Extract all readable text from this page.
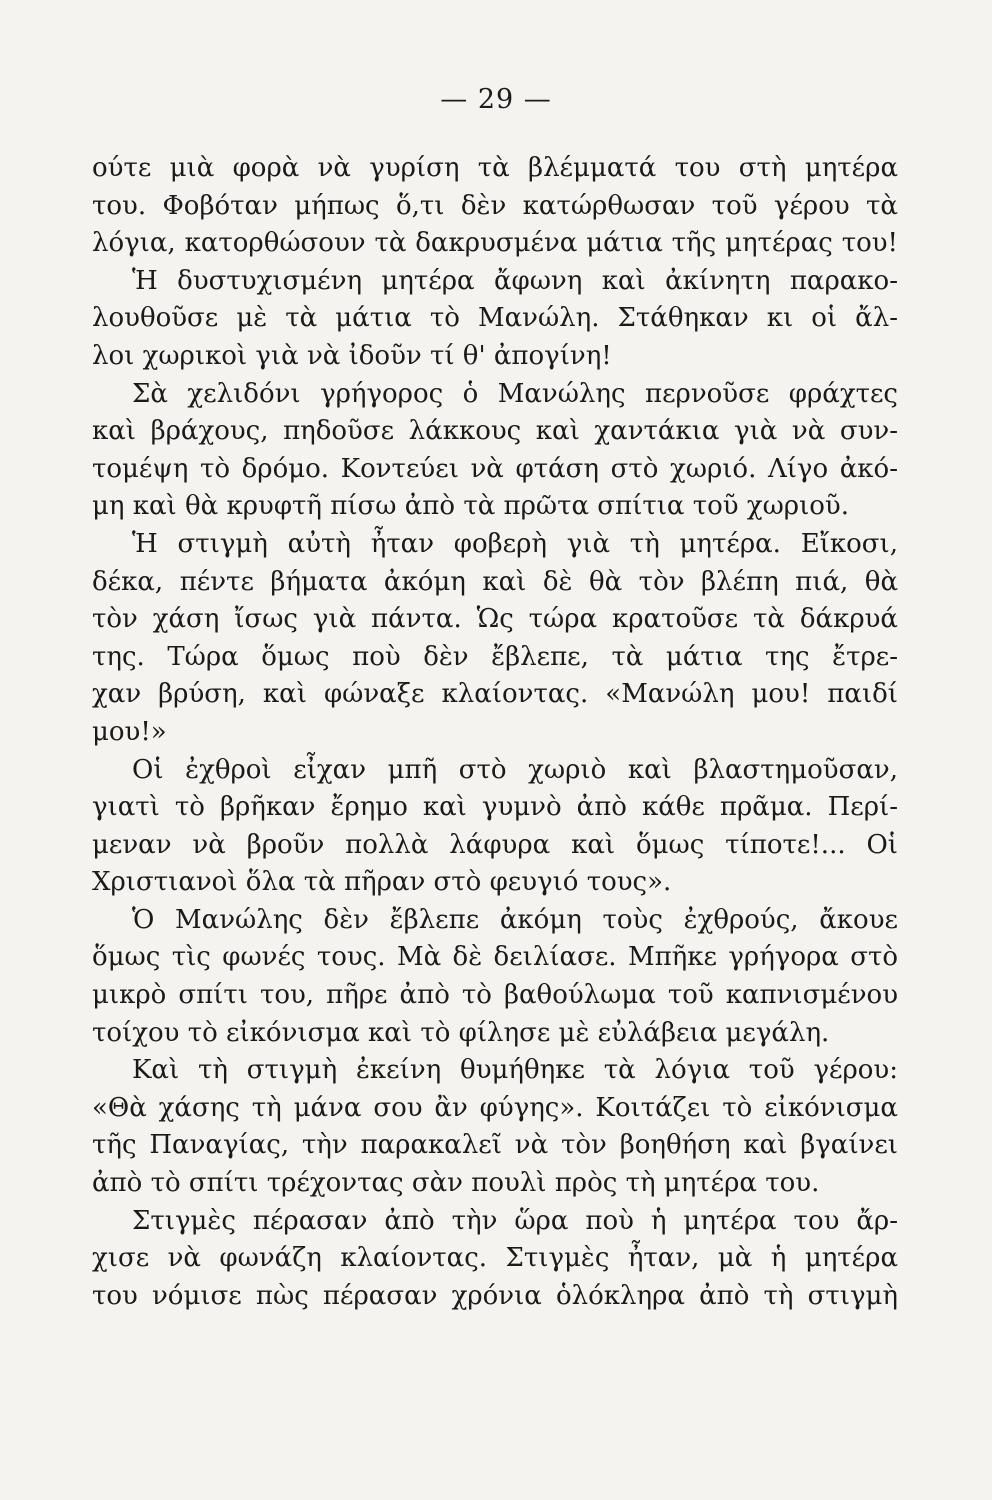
— 29 —
ούτε μιὰ φορὰ νὰ γυρίση τὰ βλέμματά του στὴ μητέρα
του. Φοβόταν μήπως ὅ,τι δὲν κατώρθωσαν τοῦ γέρου τὰ
λόγια, κατορθώσουν τὰ δακρυσμένα μάτια τῆς μητέρας του!
Ἡ δυστυχισμένη μητέρα ἄφωνη καὶ ἀκίνητη παρακο-
λουθοῦσε μὲ τὰ μάτια τὸ Μανώλη. Στάθηκαν κι οἱ ἄλ-
λοι χωρικοὶ γιὰ νὰ ἰδοῦν τί θ' ἀπογίνη!
Σὰ χελιδόνι γρήγορος ὁ Μανώλης περνοῦσε φράχτες
καὶ βράχους, πηδοῦσε λάκκους καὶ χαντάκια γιὰ νὰ συν-
τομέψη τὸ δρόμο. Κοντεύει νὰ φτάση στὸ χωριό. Λίγο ἀκό-
μη καὶ θὰ κρυφτῆ πίσω ἀπὸ τὰ πρῶτα σπίτια τοῦ χωριοῦ.
Ἡ στιγμὴ αὐτὴ ἦταν φοβερὴ γιὰ τὴ μητέρα. Εἴκοσι,
δέκα, πέντε βήματα ἀκόμη καὶ δὲ θὰ τὸν βλέπη πιά, θὰ
τὸν χάση ἴσως γιὰ πάντα. Ὡς τώρα κρατοῦσε τὰ δάκρυά
της. Τώρα ὅμως ποὺ δὲν ἔβλεπε, τὰ μάτια της ἔτρε-
χαν βρύση, καὶ φώναξε κλαίοντας. «Μανώλη μου! παιδί
μου!»
Οἱ ἐχθροὶ εἶχαν μπῆ στὸ χωριὸ καὶ βλαστημοῦσαν,
γιατὶ τὸ βρῆκαν ἔρημο καὶ γυμνὸ ἀπὸ κάθε πρᾶμα. Περί-
μεναν νὰ βροῦν πολλὰ λάφυρα καὶ ὅμως τίποτε!... Οἱ
Χριστιανοὶ ὅλα τὰ πῆραν στὸ φευγιό τους».
Ὁ Μανώλης δὲν ἔβλεπε ἀκόμη τοὺς ἐχθρούς, ἄκουε
ὅμως τὶς φωνές τους. Μὰ δὲ δειλίασε. Μπῆκε γρήγορα στὸ
μικρὸ σπίτι του, πῆρε ἀπὸ τὸ βαθούλωμα τοῦ καπνισμένου
τοίχου τὸ εἰκόνισμα καὶ τὸ φίλησε μὲ εὐλάβεια μεγάλη.
Καὶ τὴ στιγμὴ ἐκείνη θυμήθηκε τὰ λόγια τοῦ γέρου:
«Θὰ χάσης τὴ μάνα σου ἂν φύγης». Κοιτάζει τὸ εἰκόνισμα
τῆς Παναγίας, τὴν παρακαλεῖ νὰ τὸν βοηθήση καὶ βγαίνει
ἀπὸ τὸ σπίτι τρέχοντας σὰν πουλὶ πρὸς τὴ μητέρα του.
Στιγμὲς πέρασαν ἀπὸ τὴν ὥρα ποὺ ἡ μητέρα του ἄρ-
χισε νὰ φωνάζη κλαίοντας. Στιγμὲς ἦταν, μὰ ἡ μητέρα
του νόμισε πὼς πέρασαν χρόνια ὁλόκληρα ἀπὸ τὴ στιγμὴ
